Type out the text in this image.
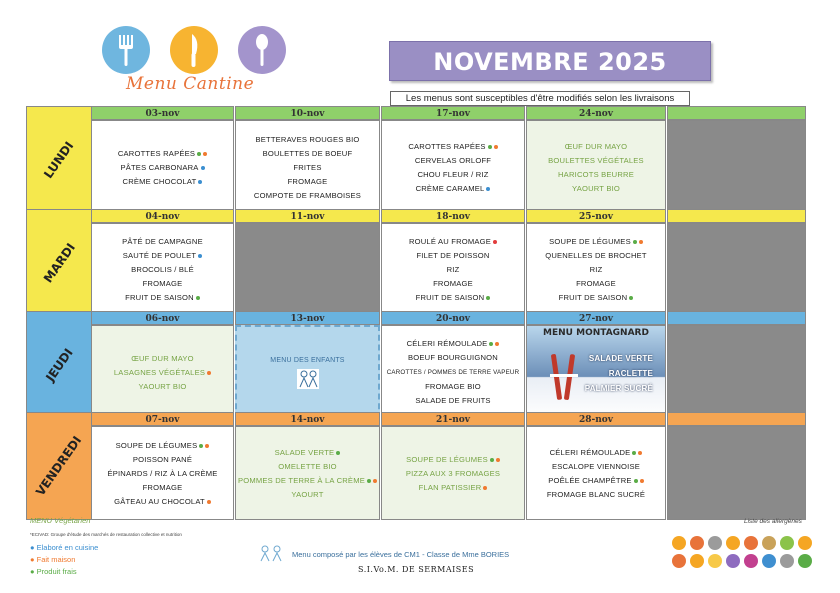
Menu Cantine
NOVEMBRE 2025
Les menus sont susceptibles d'être modifiés selon les livraisons
LUNDI
03-nov
CAROTTES RAPÉES
PÂTES CARBONARA
CRÈME CHOCOLAT
10-nov
BETTERAVES ROUGES BIO
BOULETTES DE BOEUF
FRITES
FROMAGE
COMPOTE DE FRAMBOISES
17-nov
CAROTTES RAPÉES
CERVELAS ORLOFF
CHOU FLEUR / RIZ
CRÈME CARAMEL
24-nov
ŒUF DUR MAYO
BOULETTES VÉGÉTALES
HARICOTS BEURRE
YAOURT BIO
MARDI
04-nov
PÂTÉ DE CAMPAGNE
SAUTÉ DE POULET
BROCOLIS / BLÉ
FROMAGE
FRUIT DE SAISON
11-nov	18-nov
ROULÉ AU FROMAGE
FILET DE POISSON
RIZ
FROMAGE
FRUIT DE SAISON
25-nov
SOUPE DE LÉGUMES
QUENELLES DE BROCHET
RIZ
FROMAGE
FRUIT DE SAISON
JEUDI
06-nov
ŒUF DUR MAYO
LASAGNES VÉGÉTALES
YAOURT BIO
13-nov
MENU DES ENFANTS
20-nov
CÉLERI RÉMOULADE
BOEUF BOURGUIGNON
CAROTTES / POMMES DE TERRE VAPEUR
FROMAGE BIO
SALADE DE FRUITS
27-nov
MENU MONTAGNARD
SALADE VERTE
RACLETTE
PALMIER SUCRÉ
VENDREDI
07-nov
SOUPE DE LÉGUMES
POISSON PANÉ
ÉPINARDS / RIZ À LA CRÈME
FROMAGE
GÂTEAU AU CHOCOLAT
14-nov
SALADE VERTE
OMELETTE BIO
POMMES DE TERRE À LA CRÈME
YAOURT
21-nov
SOUPE DE LÉGUMES
PIZZA AUX 3 FROMAGES
FLAN PATISSIER
28-nov
CÉLERI RÉMOULADE
ESCALOPE VIENNOISE
POÊLÉE CHAMPÊTRE
FROMAGE BLANC SUCRÉ
MENU Végétarien
*ECIVAD: Groupe d'étude des marchés de restauration collective et nutrition
● Elaboré en cuisine
● Fait maison
● Produit frais
Menu composé par les élèves de CM1 - Classe de Mme BORIES
S.I.Vo.M. DE SERMAISES
Liste des allergènes
